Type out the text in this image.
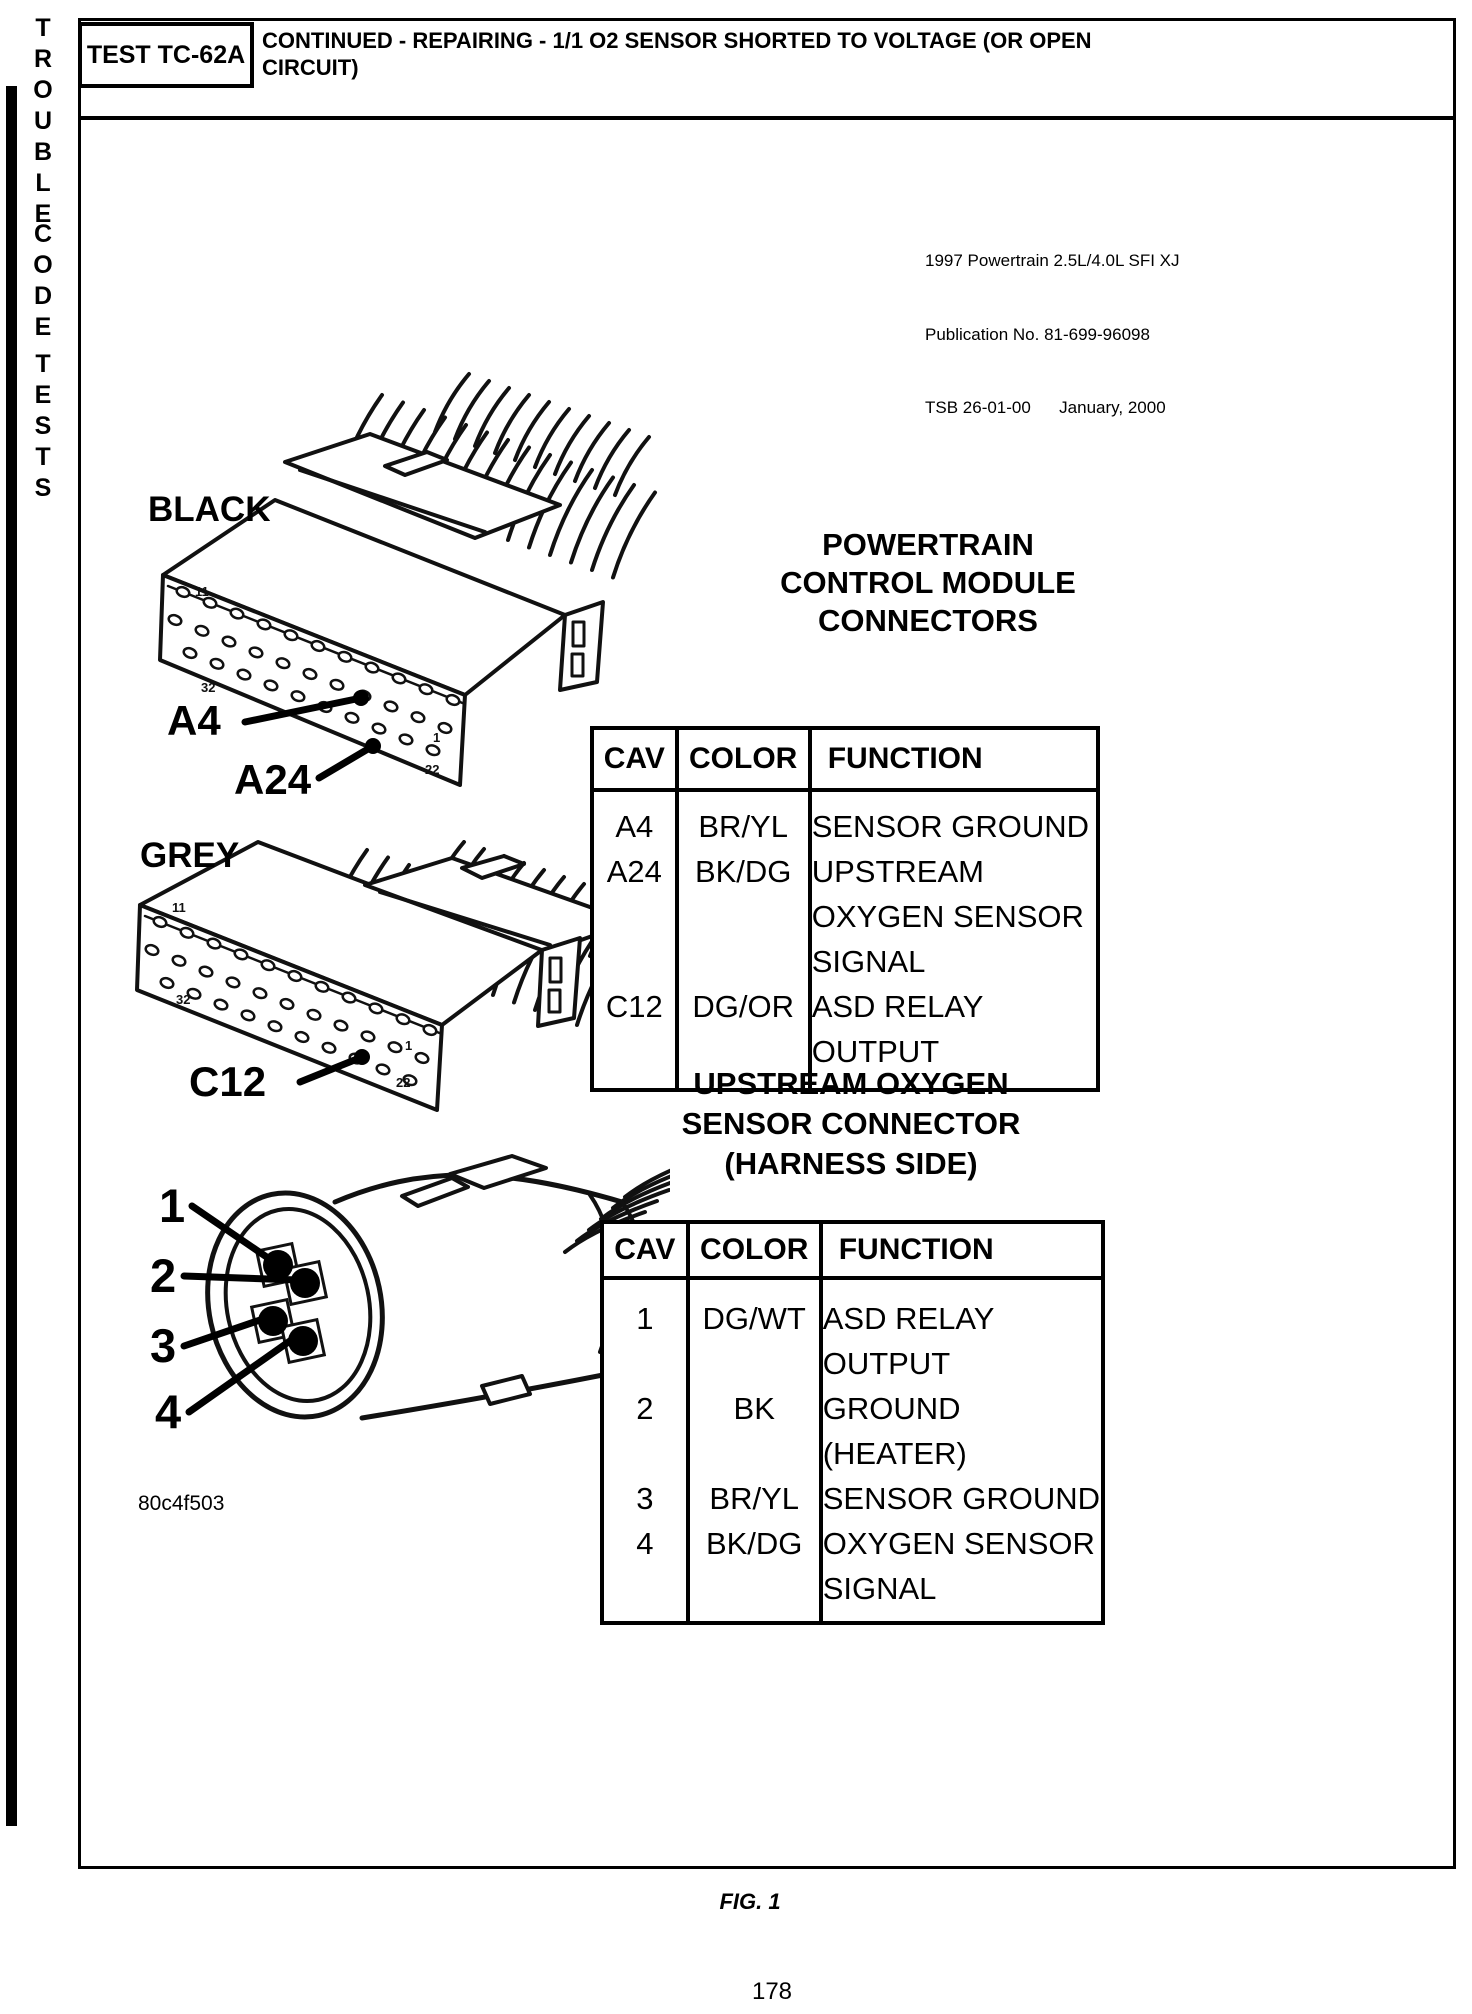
TROUBLE
CODE
TESTS
TEST TC-62A CONTINUED - REPAIRING - 1/1 O2 SENSOR SHORTED TO VOLTAGE (OR OPEN CIRCUIT)

1997 Powertrain 2.5L/4.0L SFI XJ

Publication No. 81-699-96098

TSB 26-01-00      January, 2000

11
32
1
22
11
32
1
22
BLACK
GREY
A4
A24
C12
1
2
3
4
80c4f503
POWERTRAIN
CONTROL MODULE
CONNECTORS
CAV	COLOR	FUNCTION
A4	BR/YL	SENSOR GROUND
A24	BK/DG	UPSTREAM OXYGEN SENSOR SIGNAL
C12	DG/OR	ASD RELAY OUTPUT
UPSTREAM OXYGEN
SENSOR CONNECTOR
(HARNESS SIDE)
CAV	COLOR	FUNCTION
1	DG/WT	ASD RELAY OUTPUT
2	BK	GROUND (HEATER)
3	BR/YL	SENSOR GROUND
4	BK/DG	OXYGEN SENSOR SIGNAL
FIG. 1
178
